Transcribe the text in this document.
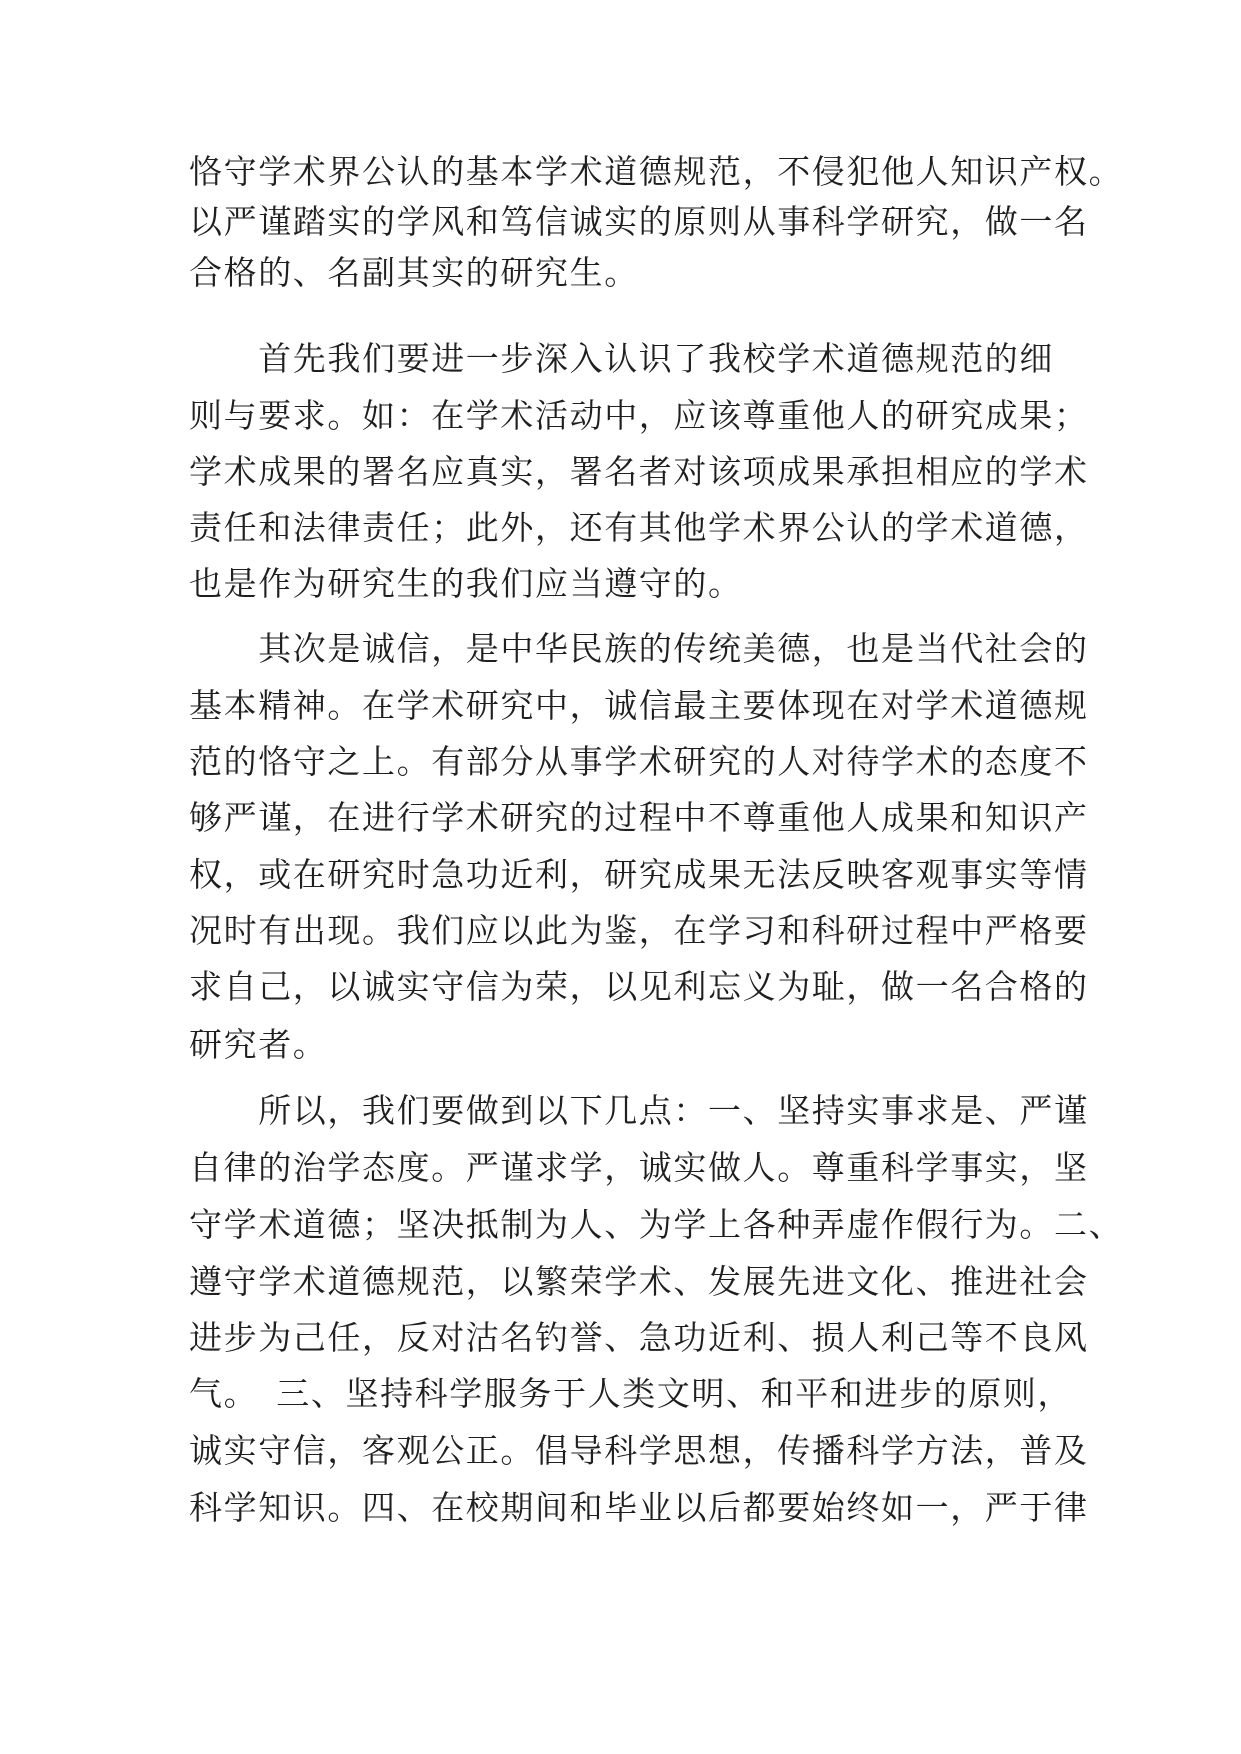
恪守学术界公认的基本学术道德规范，不侵犯他人知识产权。
以严谨踏实的学风和笃信诚实的原则从事科学研究，做一名
合格的、名副其实的研究生。
　　首先我们要进一步深入认识了我校学术道德规范的细
则与要求。如：在学术活动中，应该尊重他人的研究成果；
学术成果的署名应真实，署名者对该项成果承担相应的学术
责任和法律责任；此外，还有其他学术界公认的学术道德，
也是作为研究生的我们应当遵守的。
　　其次是诚信，是中华民族的传统美德，也是当代社会的
基本精神。在学术研究中，诚信最主要体现在对学术道德规
范的恪守之上。有部分从事学术研究的人对待学术的态度不
够严谨，在进行学术研究的过程中不尊重他人成果和知识产
权，或在研究时急功近利，研究成果无法反映客观事实等情
况时有出现。我们应以此为鉴，在学习和科研过程中严格要
求自己，以诚实守信为荣，以见利忘义为耻，做一名合格的
研究者。
　　所以，我们要做到以下几点：一、坚持实事求是、严谨
自律的治学态度。严谨求学，诚实做人。尊重科学事实，坚
守学术道德；坚决抵制为人、为学上各种弄虚作假行为。二、
遵守学术道德规范，以繁荣学术、发展先进文化、推进社会
进步为己任，反对沽名钓誉、急功近利、损人利己等不良风
气。　三、坚持科学服务于人类文明、和平和进步的原则，
诚实守信，客观公正。倡导科学思想，传播科学方法，普及
科学知识。四、在校期间和毕业以后都要始终如一，严于律
